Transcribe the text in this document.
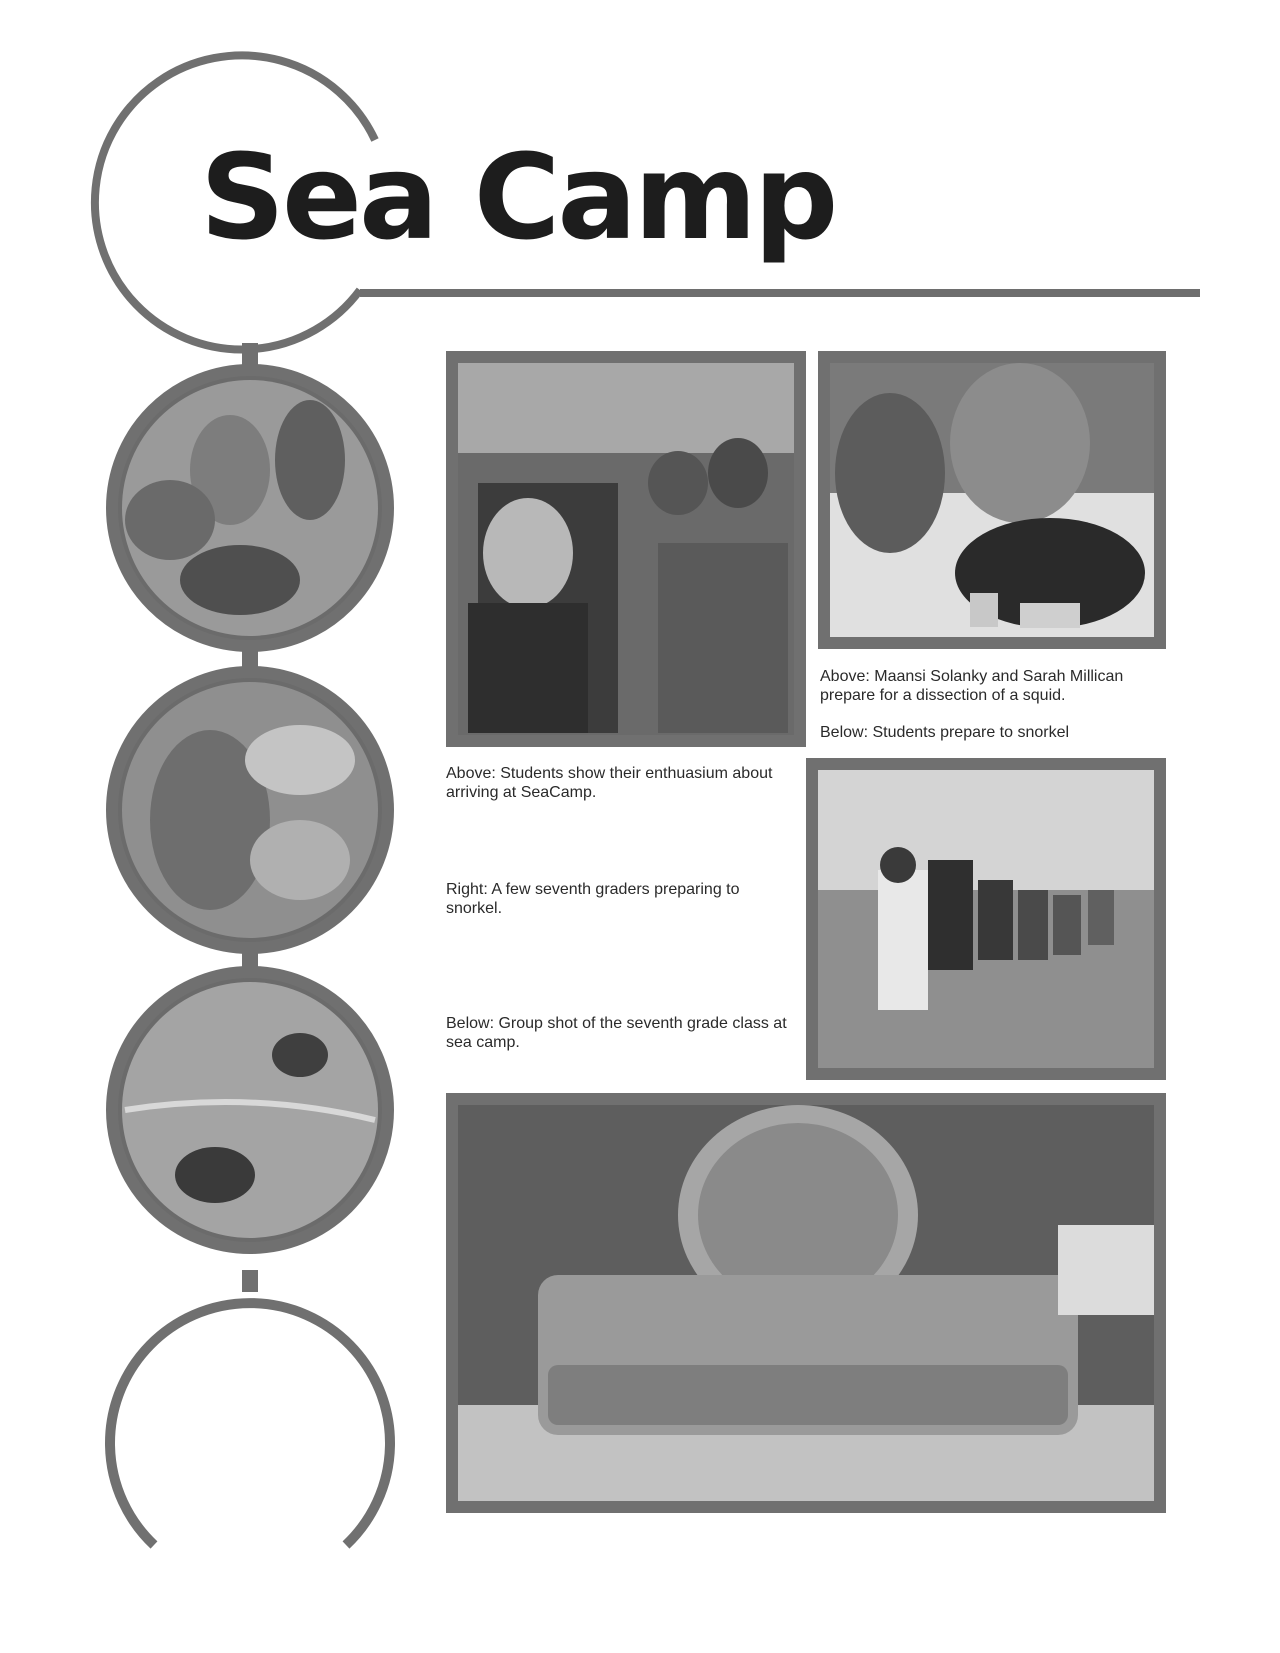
Sea Camp

Above: Maansi Solanky and Sarah Millican prepare for a dissection of a squid.

Below: Students prepare to snorkel

Above: Students show their enthuasium about arriving at SeaCamp.

Right: A few seventh graders preparing to snorkel.

Below: Group shot of the seventh grade class at sea camp.
